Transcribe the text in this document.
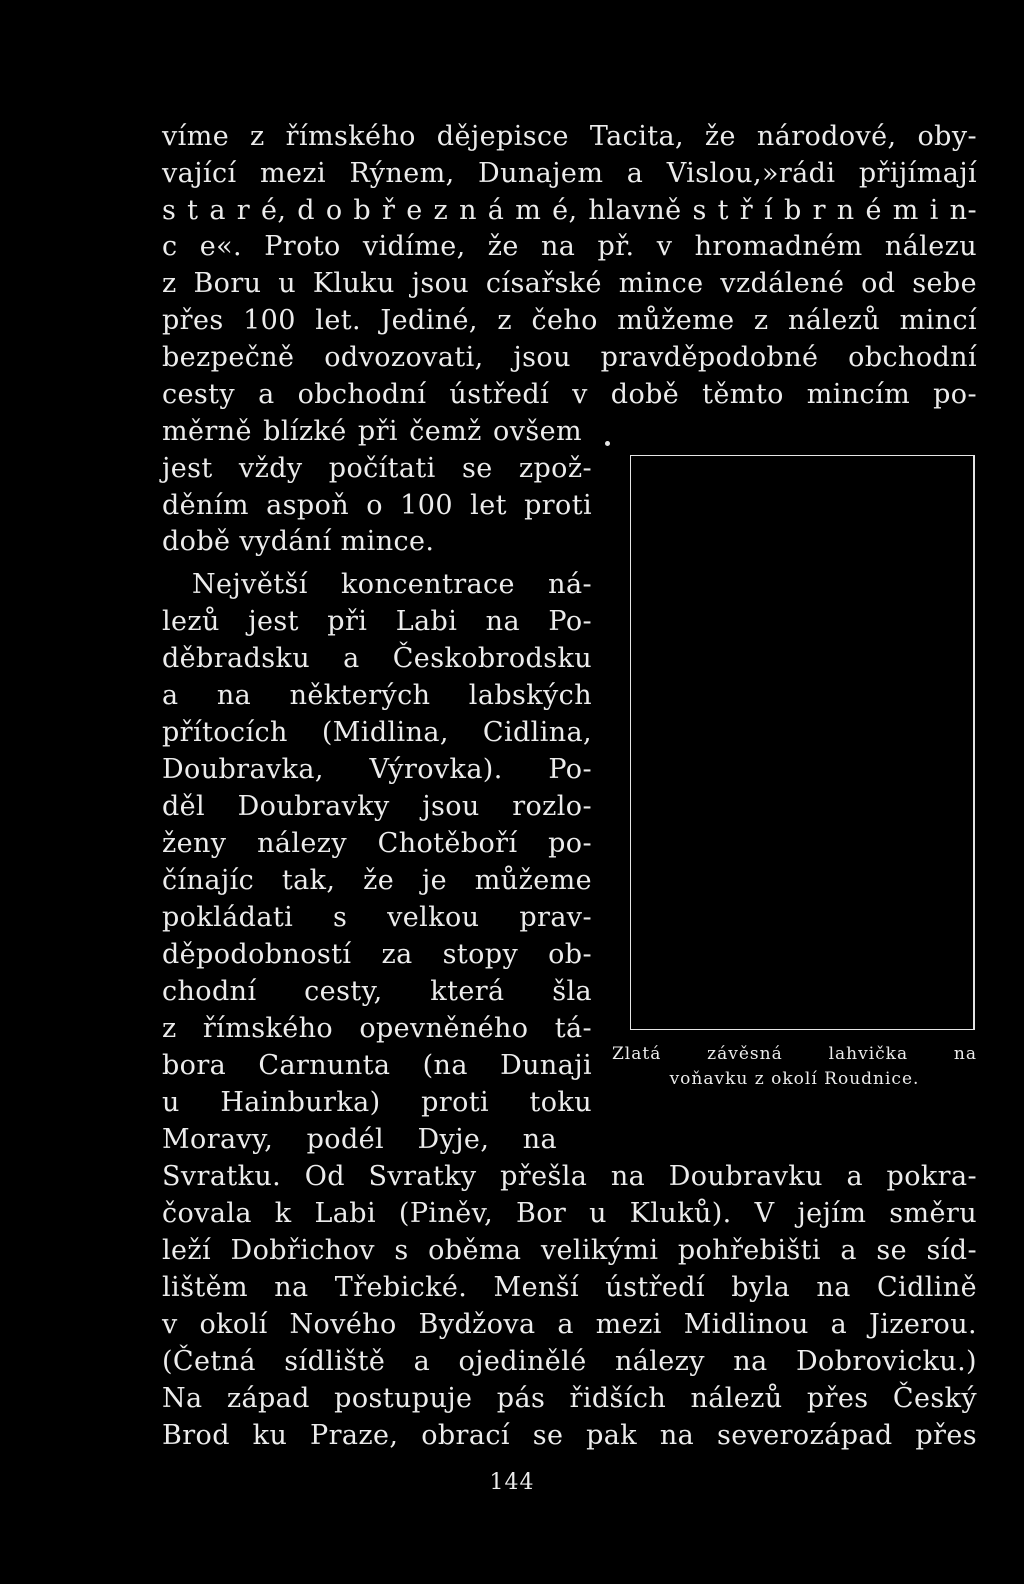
víme z římského dějepisce Tacita, že národové, oby-
vající mezi Rýnem, Dunajem a Vislou,»rádi přijímají
s t a r é, d o b ř e z n á m é, hlavně s t ř í b r n é m i n-
c e«. Proto vidíme, že na př. v hromadném nálezu
z Boru u Kluku jsou císařské mince vzdálené od sebe
přes 100 let. Jediné, z čeho můžeme z nálezů mincí
bezpečně odvozovati, jsou pravděpodobné obchodní
cesty a obchodní ústředí v době těmto mincím po-
měrně blízké při čemž ovšem
jest vždy počítati se zpož-
děním aspoň o 100 let proti
době vydání mince.
Největší koncentrace ná-
lezů jest při Labi na Po-
děbradsku a Českobrodsku
a na některých labských
přítocích (Midlina, Cidlina,
Doubravka, Výrovka). Po-
děl Doubravky jsou rozlo-
ženy nálezy Chotěboří po-
čínajíc tak, že je můžeme
pokládati s velkou prav-
děpodobností za stopy ob-
chodní cesty, která šla
z římského opevněného tá-
bora Carnunta (na Dunaji
u Hainburka) proti toku
Moravy, podél Dyje, na
Svratku. Od Svratky přešla na Doubravku a pokra-
čovala k Labi (Piněv, Bor u Kluků). V jejím směru
leží Dobřichov s oběma velikými pohřebišti a se síd-
lištěm na Třebické. Menší ústředí byla na Cidlině
v okolí Nového Bydžova a mezi Midlinou a Jizerou.
(Četná sídliště a ojedinělé nálezy na Dobrovicku.)
Na západ postupuje pás řidších nálezů přes Český
Brod ku Praze, obrací se pak na severozápad přes
Zlatá závěsná lahvička na
voňavku z okolí Roudnice.
144
